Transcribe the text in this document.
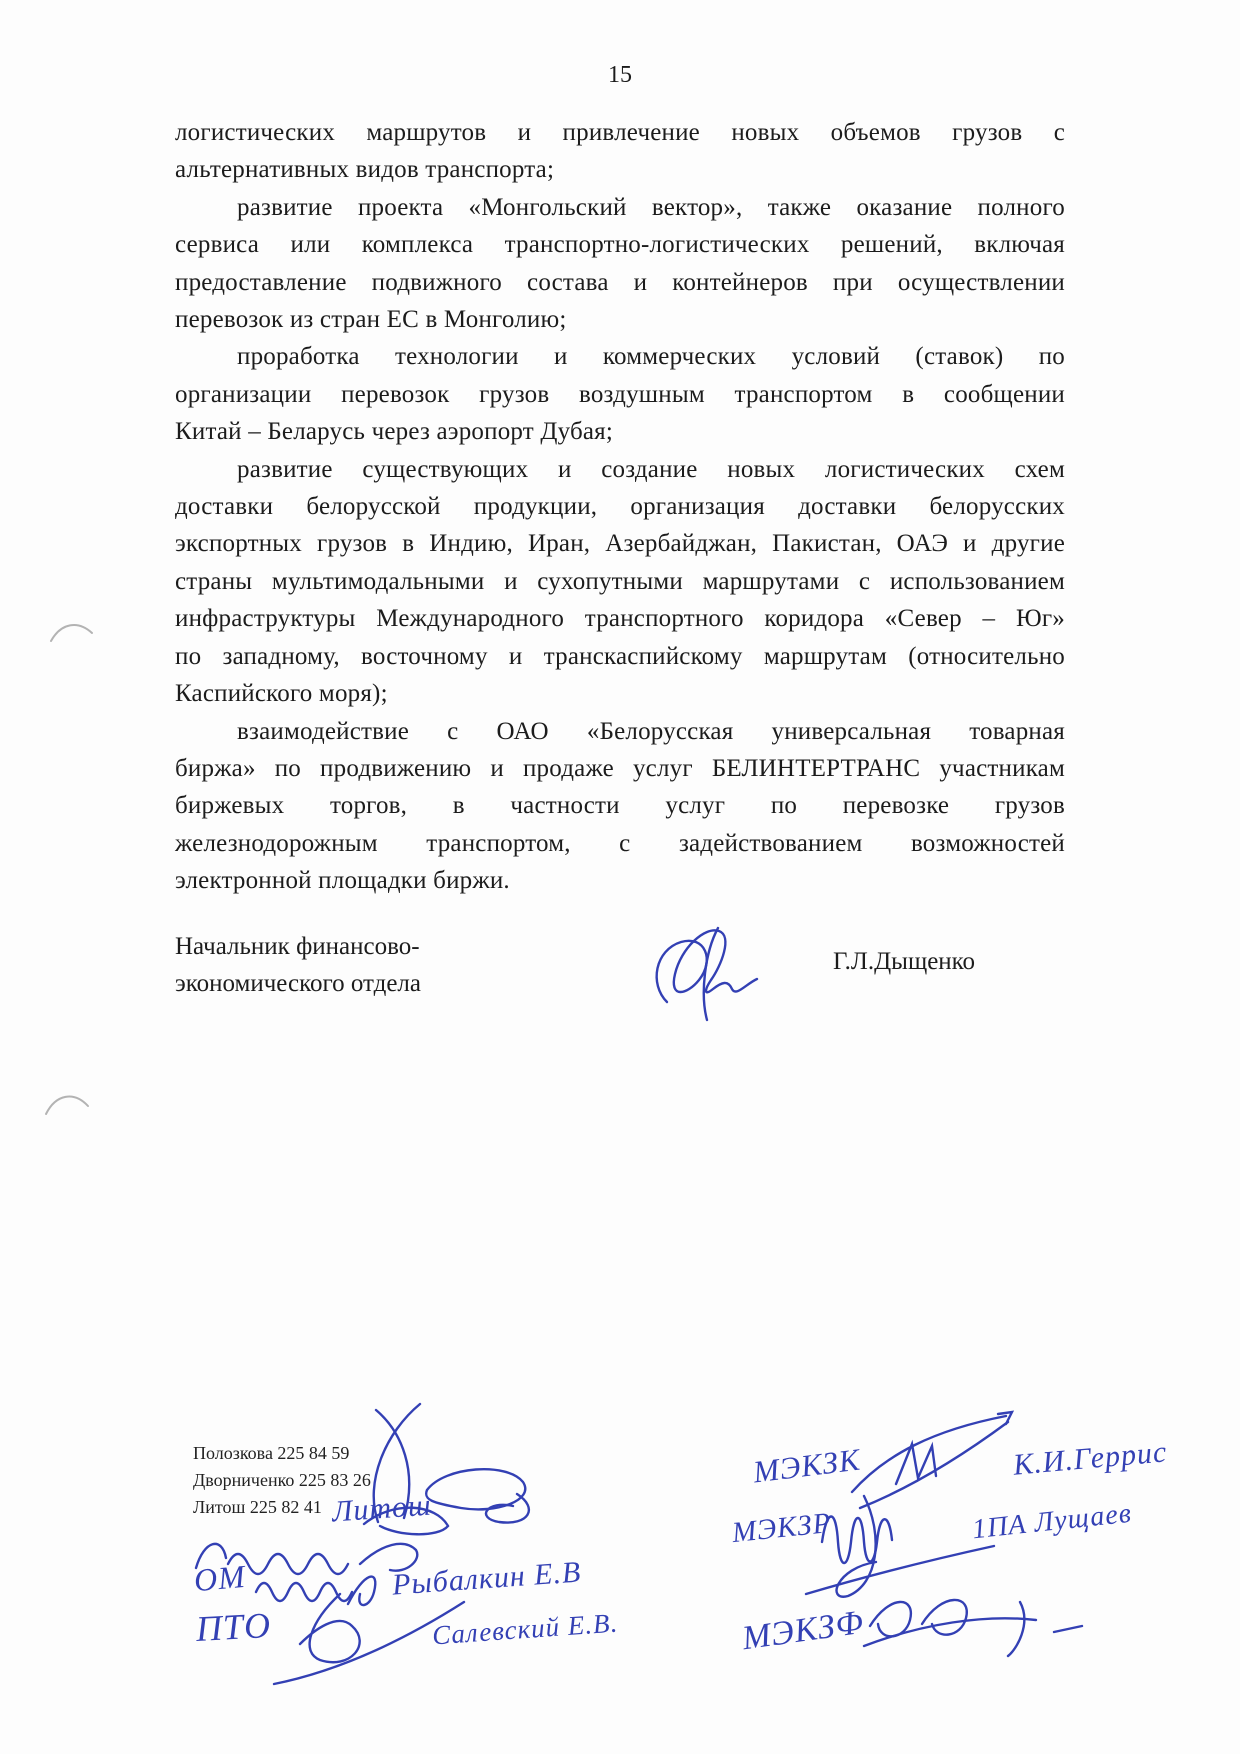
15

логистических маршрутов и привлечение новых объемов грузов с
альтернативных видов транспорта;

развитие проекта «Монгольский вектор», также оказание полного
сервиса или комплекса транспортно-логистических решений, включая
предоставление подвижного состава и контейнеров при осуществлении
перевозок из стран ЕС в Монголию;

проработка технологии и коммерческих условий (ставок) по
организации перевозок грузов воздушным транспортом в сообщении
Китай – Беларусь через аэропорт Дубая;

развитие существующих и создание новых логистических схем
доставки белорусской продукции, организация доставки белорусских
экспортных грузов в Индию, Иран, Азербайджан, Пакистан, ОАЭ и другие
страны мультимодальными и сухопутными маршрутами с использованием
инфраструктуры Международного транспортного коридора «Север – Юг»
по западному, восточному и транскаспийскому маршрутам (относительно
Каспийского моря);

взаимодействие с ОАО «Белорусская универсальная товарная
биржа» по продвижению и продаже услуг БЕЛИНТЕРТРАНС участникам
биржевых торгов, в частности услуг по перевозке грузов
железнодорожным транспортом, с задействованием возможностей
электронной площадки биржи.

Начальник финансово-
экономического отдела
Г.Л.Дыщенко
Полозкова 225 84 59
Дворниченко 225 83 26
Литош 225 82 41 Литош
ОМ	Рыбалкин Е.В
ПТО	Салевский Е.В.
МЭКЗК	К.И.Геррис
МЭКЗР	1ПА Лущаев
МЭКЗФ
